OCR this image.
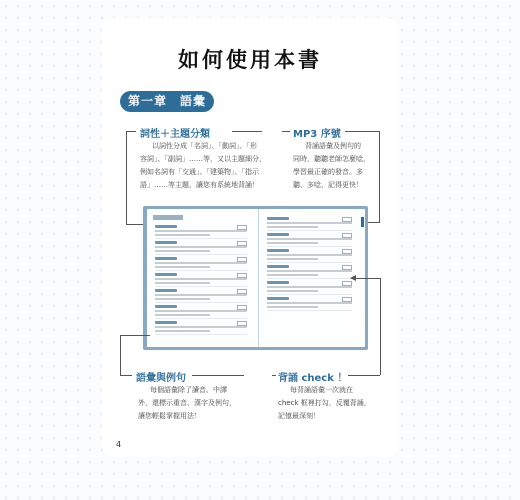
如何使用本書
第一章　語彙
詞性＋主題分類
以詞性分成「名詞」、「動詞」、「形
容詞」、「副詞」……等，又以主題細分，
例如名詞有「交通」、「建築物」、「指示
語」……等主題，讓您有系統地背誦！
MP3 序號
背誦語彙及例句的
同時，聽聽老師怎麼唸，
學習最正確的發音。多
聽、多唸，記得更快！
語彙與例句
每個語彙除了讀音、中譯
外，還標示重音、漢字及例句，
讓您輕鬆掌握用法！
背誦 check ！
每背誦語彙一次就在
check 框裡打勾，反覆背誦，
記憶最深刻！
4
